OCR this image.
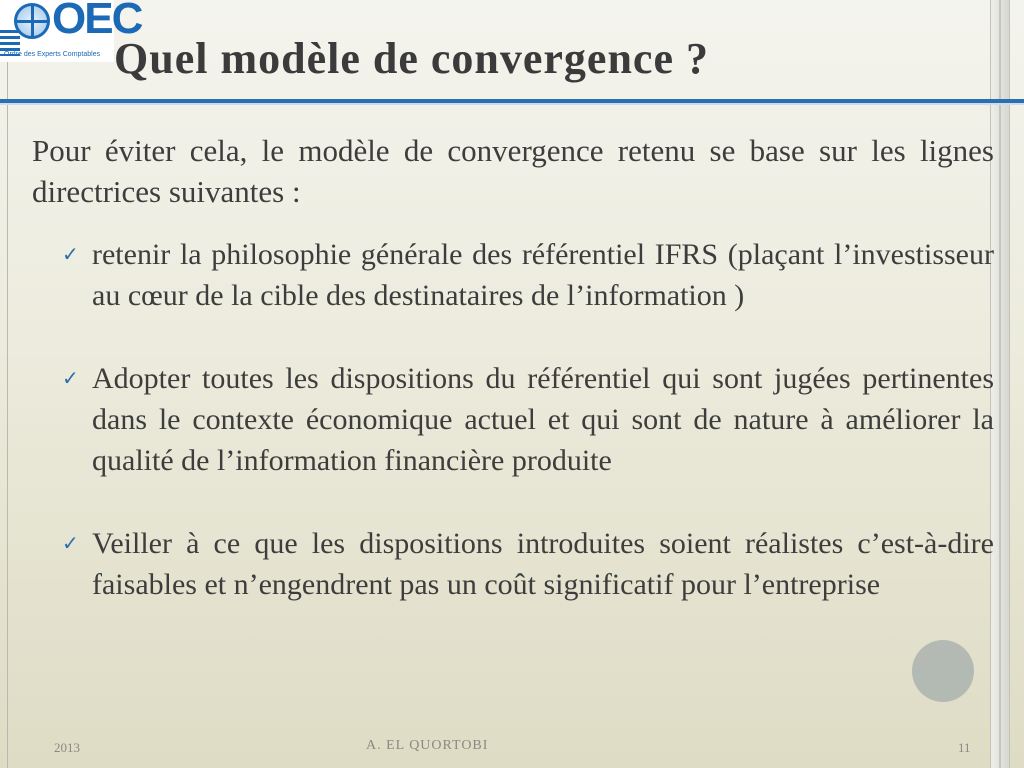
OEC
Ordre des Experts Comptables Quel modèle de convergence ?

Pour éviter cela, le modèle de convergence retenu se base sur les lignes directrices suivantes :

✓ retenir la philosophie générale des référentiel IFRS (plaçant l’investisseur au cœur de la cible des destinataires de l’information )
✓ Adopter toutes les dispositions du référentiel qui sont jugées pertinentes dans le contexte économique actuel et qui sont de nature à améliorer la qualité de l’information financière produite
✓ Veiller à ce que les dispositions introduites soient réalistes c’est-à-dire faisables et n’engendrent pas un coût significatif pour l’entreprise
2013	A. EL QUORTOBI	11
